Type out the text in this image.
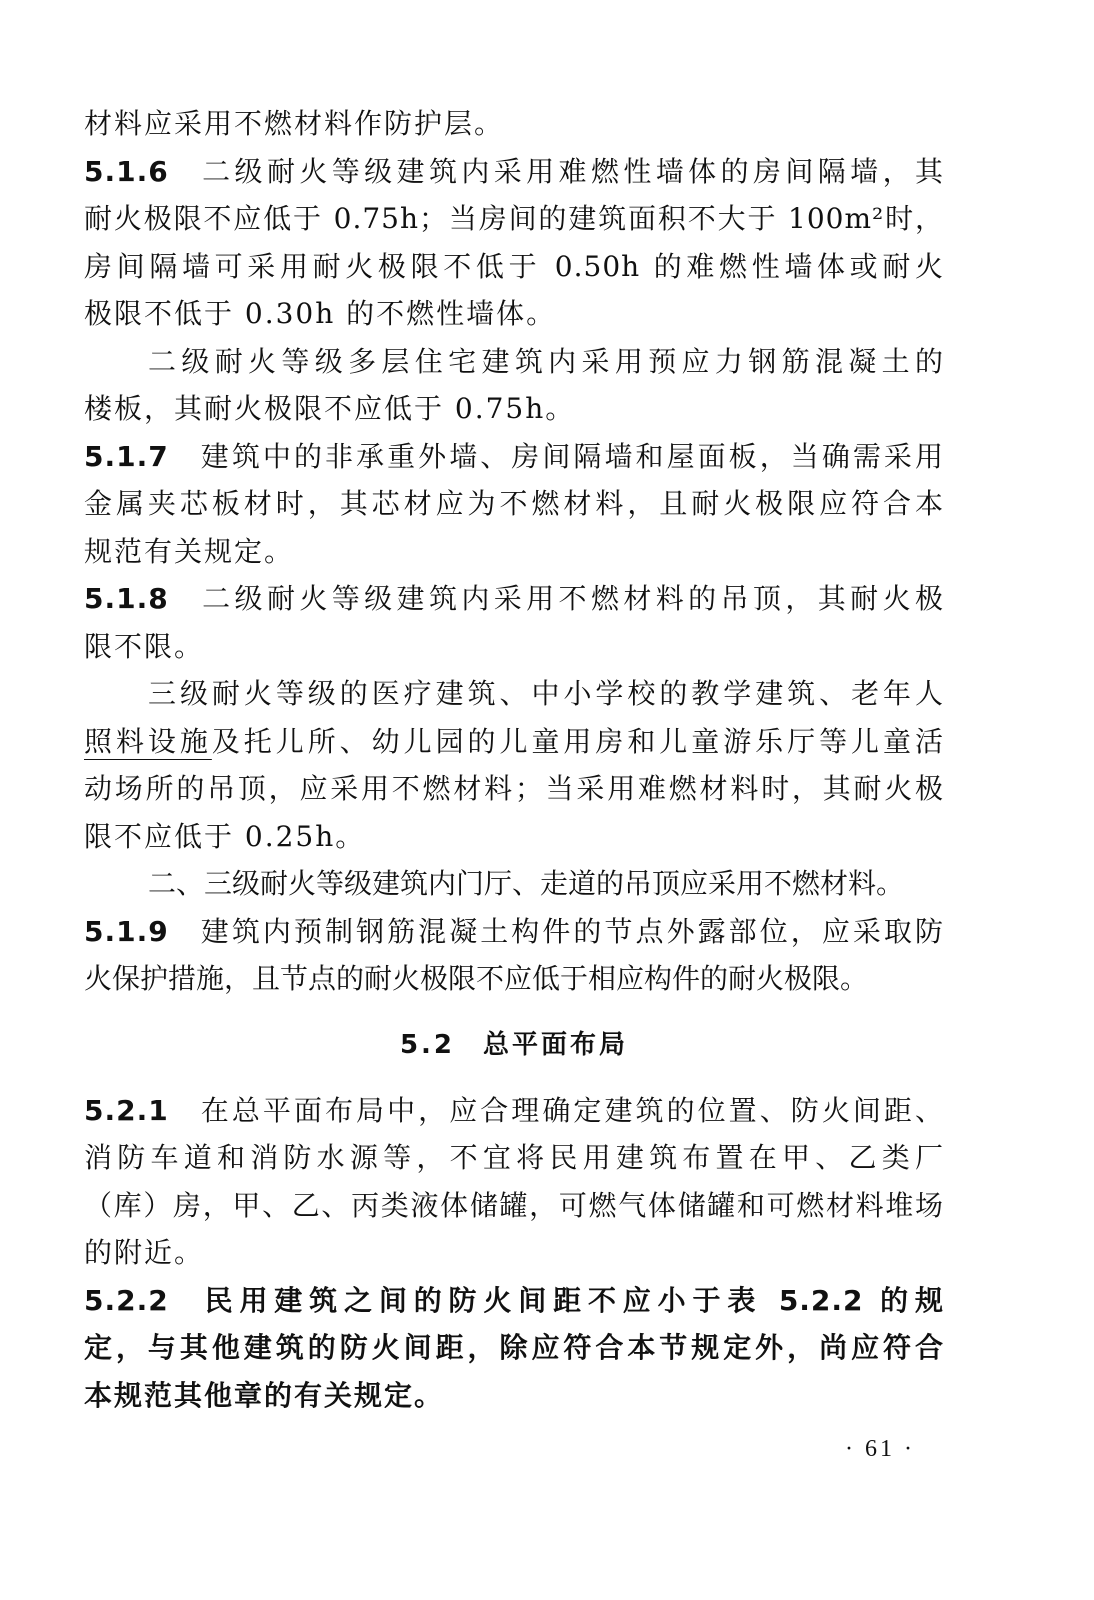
材料应采用不燃材料作防护层。
5.1.6 二级耐火等级建筑内采用难燃性墙体的房间隔墙，其
耐火极限不应低于 0.75h；当房间的建筑面积不大于 100m²时，
房间隔墙可采用耐火极限不低于 0.50h 的难燃性墙体或耐火
极限不低于 0.30h 的不燃性墙体。
二级耐火等级多层住宅建筑内采用预应力钢筋混凝土的
楼板，其耐火极限不应低于 0.75h。
5.1.7 建筑中的非承重外墙、房间隔墙和屋面板，当确需采用
金属夹芯板材时，其芯材应为不燃材料，且耐火极限应符合本
规范有关规定。
5.1.8 二级耐火等级建筑内采用不燃材料的吊顶，其耐火极
限不限。
三级耐火等级的医疗建筑、中小学校的教学建筑、老年人
照料设施及托儿所、幼儿园的儿童用房和儿童游乐厅等儿童活
动场所的吊顶，应采用不燃材料；当采用难燃材料时，其耐火极
限不应低于 0.25h。
二、三级耐火等级建筑内门厅、走道的吊顶应采用不燃材料。
5.1.9 建筑内预制钢筋混凝土构件的节点外露部位，应采取防
火保护措施，且节点的耐火极限不应低于相应构件的耐火极限。
5.2 总平面布局
5.2.1 在总平面布局中，应合理确定建筑的位置、防火间距、
消防车道和消防水源等，不宜将民用建筑布置在甲、乙类厂
（库）房，甲、乙、丙类液体储罐，可燃气体储罐和可燃材料堆场
的附近。
5.2.2 民用建筑之间的防火间距不应小于表 5.2.2 的规
定，与其他建筑的防火间距，除应符合本节规定外，尚应符合
本规范其他章的有关规定。
· 61 ·
